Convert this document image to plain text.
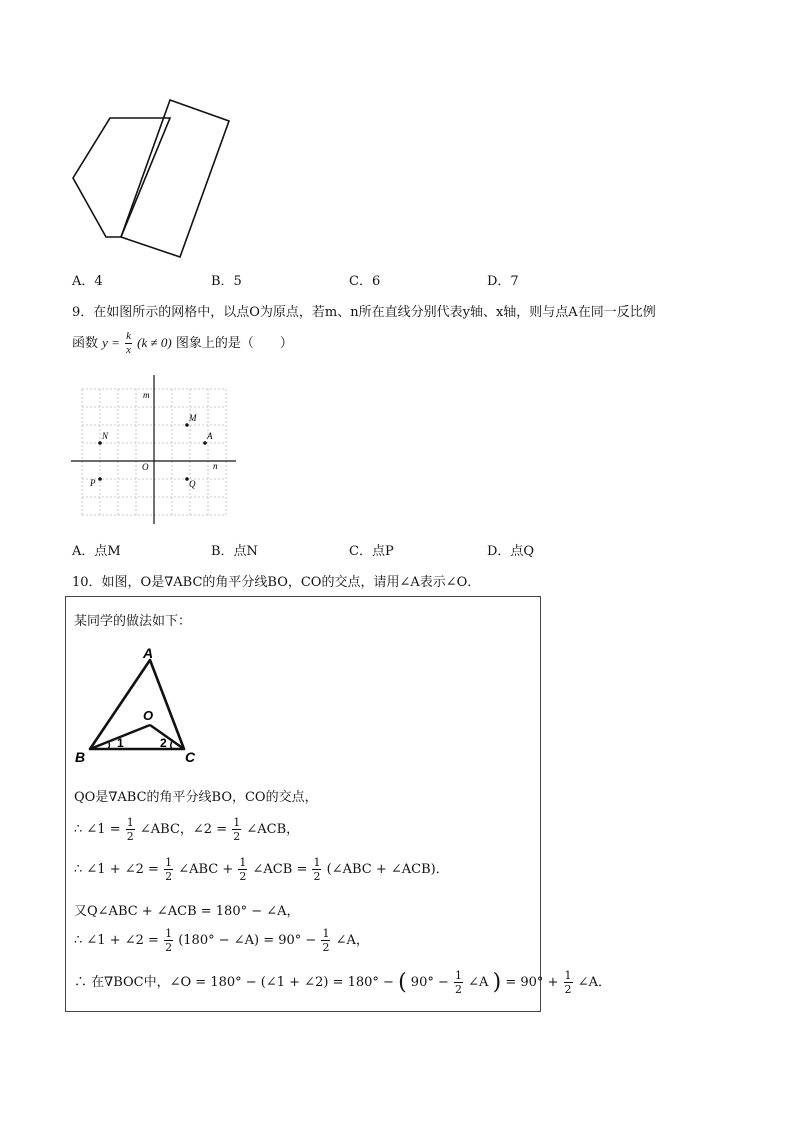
A．4	B．5	C．6	D．7
9．在如图所示的网格中，以点O为原点，若m、n所在直线分别代表y轴、x轴，则与点A在同一反比例
函数 $y = \frac{k}{x} (k \ne 0)$ 图象上的是（　　）
m
n
O
M
A
N
P	Q
A．点M	B．点N	C．点P	D．点Q
10．如图，O是∇ABC的角平分线BO，CO的交点，请用∠A表示∠O．
某同学的做法如下：
A
B	C
O
1	2
QO是∇ABC的角平分线BO，CO的交点，
∴ ∠1 = $\frac{1}{2}$ ∠ABC，∠2 = $\frac{1}{2}$ ∠ACB，
∴ ∠1 + ∠2 = $\frac{1}{2}$ ∠ABC + $\frac{1}{2}$ ∠ACB = $\frac{1}{2}$ (∠ABC + ∠ACB)．
又Q∠ABC + ∠ACB = 180° − ∠A，
∴ ∠1 + ∠2 = $\frac{1}{2} (180^\circ$ − ∠A) = $90^\circ - \frac{1}{2}$ ∠A，
∴ 在∇BOC中，∠O = 180° − (∠1 + ∠2) = 180° − ( $90^\circ - \frac{1}{2}$ ∠A ) = $90^\circ + \frac{1}{2}$ ∠A．
